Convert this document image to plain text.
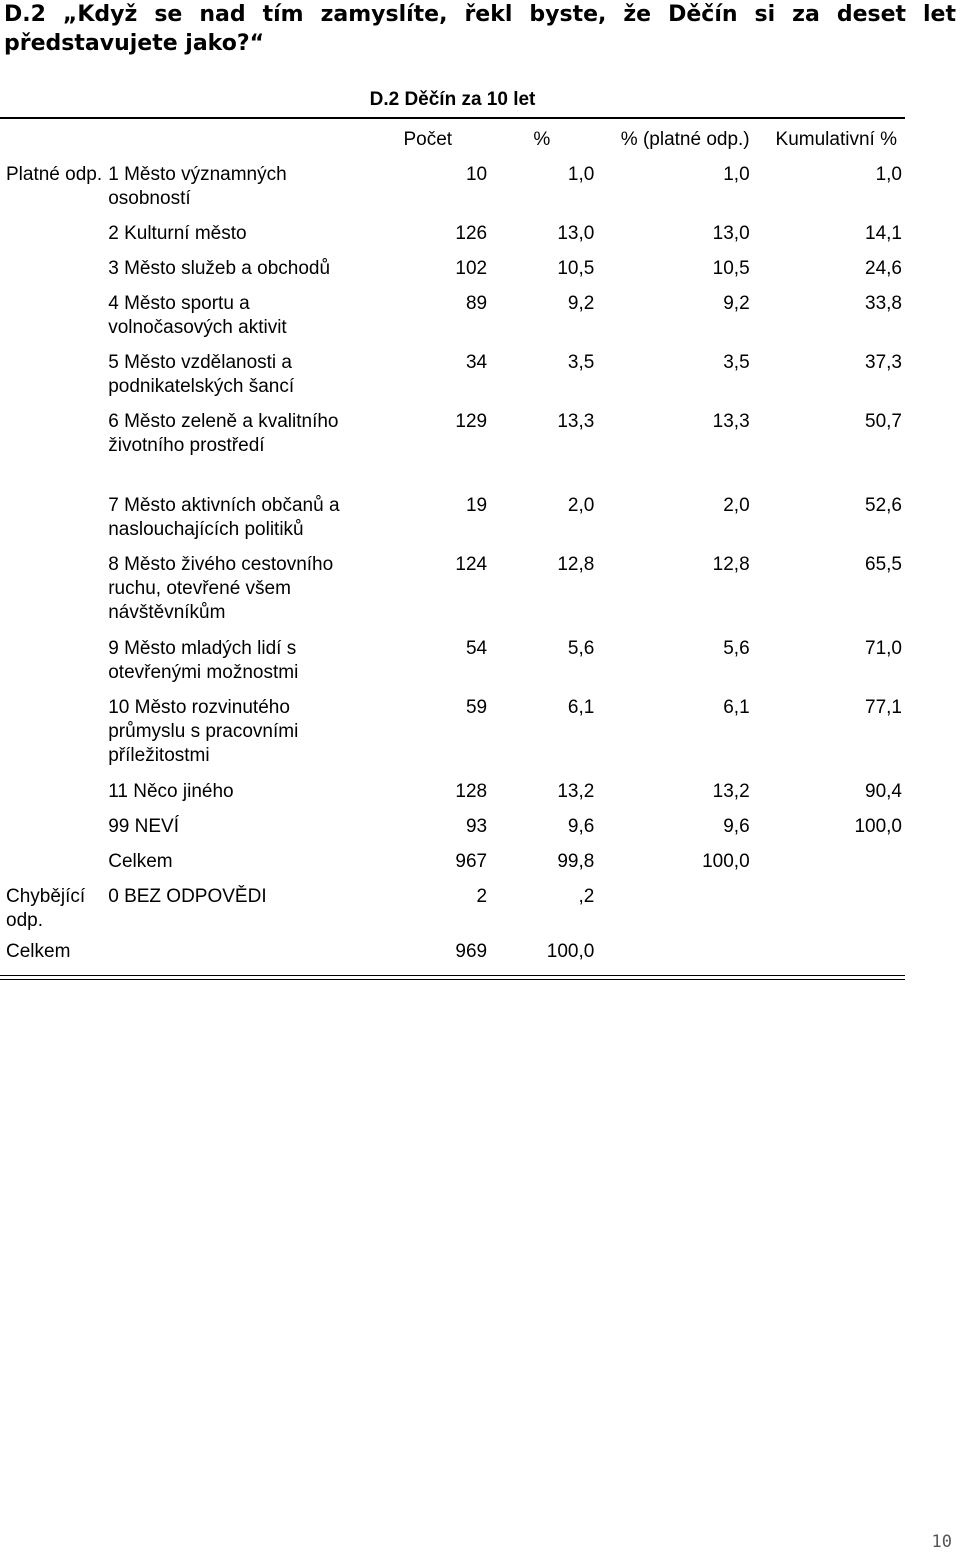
D.2 „Když se nad tím zamyslíte, řekl byste, že Děčín si za deset let představujete jako?“
D.2 Děčín za 10 let
		Počet	%	% (platné odp.)	Kumulativní %
Platné odp.	1 Město významných osobností	10	1,0	1,0	1,0
	2 Kulturní město	126	13,0	13,0	14,1
	3 Město služeb a obchodů	102	10,5	10,5	24,6
	4 Město sportu a volnočasových aktivit	89	9,2	9,2	33,8
	5 Město vzdělanosti a podnikatelských šancí	34	3,5	3,5	37,3
	6 Město zeleně a kvalitního životního prostředí	129	13,3	13,3	50,7
	7 Město aktivních občanů a naslouchajících politiků	19	2,0	2,0	52,6
	8 Město živého cestovního ruchu, otevřené všem návštěvníkům	124	12,8	12,8	65,5
	9 Město mladých lidí s otevřenými možnostmi	54	5,6	5,6	71,0
	10 Město rozvinutého průmyslu s pracovními příležitostmi	59	6,1	6,1	77,1
	11 Něco jiného	128	13,2	13,2	90,4
	99 NEVÍ	93	9,6	9,6	100,0
	Celkem	967	99,8	100,0	
Chybějící odp.	0 BEZ ODPOVĚDI	2	,2		
Celkem		969	100,0		
10
